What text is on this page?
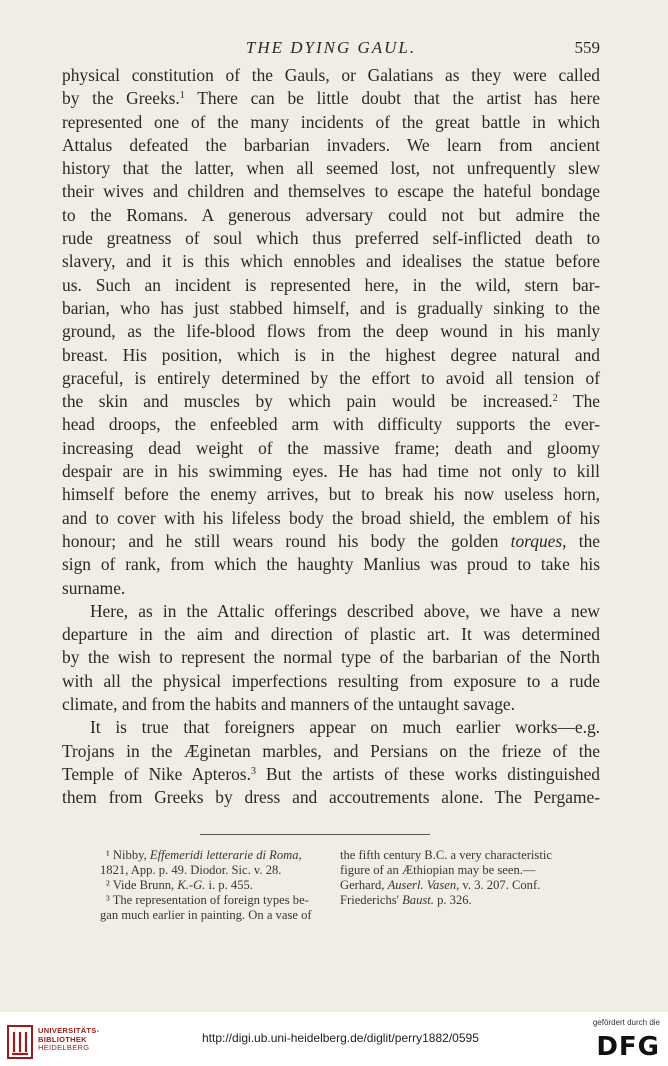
THE DYING GAUL.	559

physical constitution of the Gauls, or Galatians as they were called
by the Greeks.$^1$ There can be little doubt that the artist has here
represented one of the many incidents of the great battle in which
Attalus defeated the barbarian invaders. We learn from ancient
history that the latter, when all seemed lost, not unfrequently slew
their wives and children and themselves to escape the hateful bondage
to the Romans. A generous adversary could not but admire the
rude greatness of soul which thus preferred self-inflicted death to
slavery, and it is this which ennobles and idealises the statue before
us. Such an incident is represented here, in the wild, stern bar-
barian, who has just stabbed himself, and is gradually sinking to the
ground, as the life-blood flows from the deep wound in his manly
breast. His position, which is in the highest degree natural and
graceful, is entirely determined by the effort to avoid all tension of
the skin and muscles by which pain would be increased.$^2$ The
head droops, the enfeebled arm with difficulty supports the ever-
increasing dead weight of the massive frame; death and gloomy
despair are in his swimming eyes. He has had time not only to kill
himself before the enemy arrives, but to break his now useless horn,
and to cover with his lifeless body the broad shield, the emblem of his
honour; and he still wears round his body the golden torques, the
sign of rank, from which the haughty Manlius was proud to take his
surname.

Here, as in the Attalic offerings described above, we have a new
departure in the aim and direction of plastic art. It was determined
by the wish to represent the normal type of the barbarian of the North
with all the physical imperfections resulting from exposure to a rude
climate, and from the habits and manners of the untaught savage.

It is true that foreigners appear on much earlier works—e.g.
Trojans in the Æginetan marbles, and Persians on the frieze of the
Temple of Nike Apteros.$^3$ But the artists of these works distinguished
them from Greeks by dress and accoutrements alone. The Pergame-

¹ Nibby, Effemeridi letterarie di Roma,
1821, App. p. 49. Diodor. Sic. v. 28.
² Vide Brunn, K.-G. i. p. 455.
³ The representation of foreign types be-
gan much earlier in painting. On a vase of
the fifth century B.C. a very characteristic
figure of an Æthiopian may be seen.—
Gerhard, Auserl. Vasen, v. 3. 207. Conf.
Friederichs' Baust. p. 326.
UNIVERSITÄTS-
BIBLIOTHEK
HEIDELBERG
http://digi.ub.uni-heidelberg.de/diglit/perry1882/0595
gefördert durch die
DFG
